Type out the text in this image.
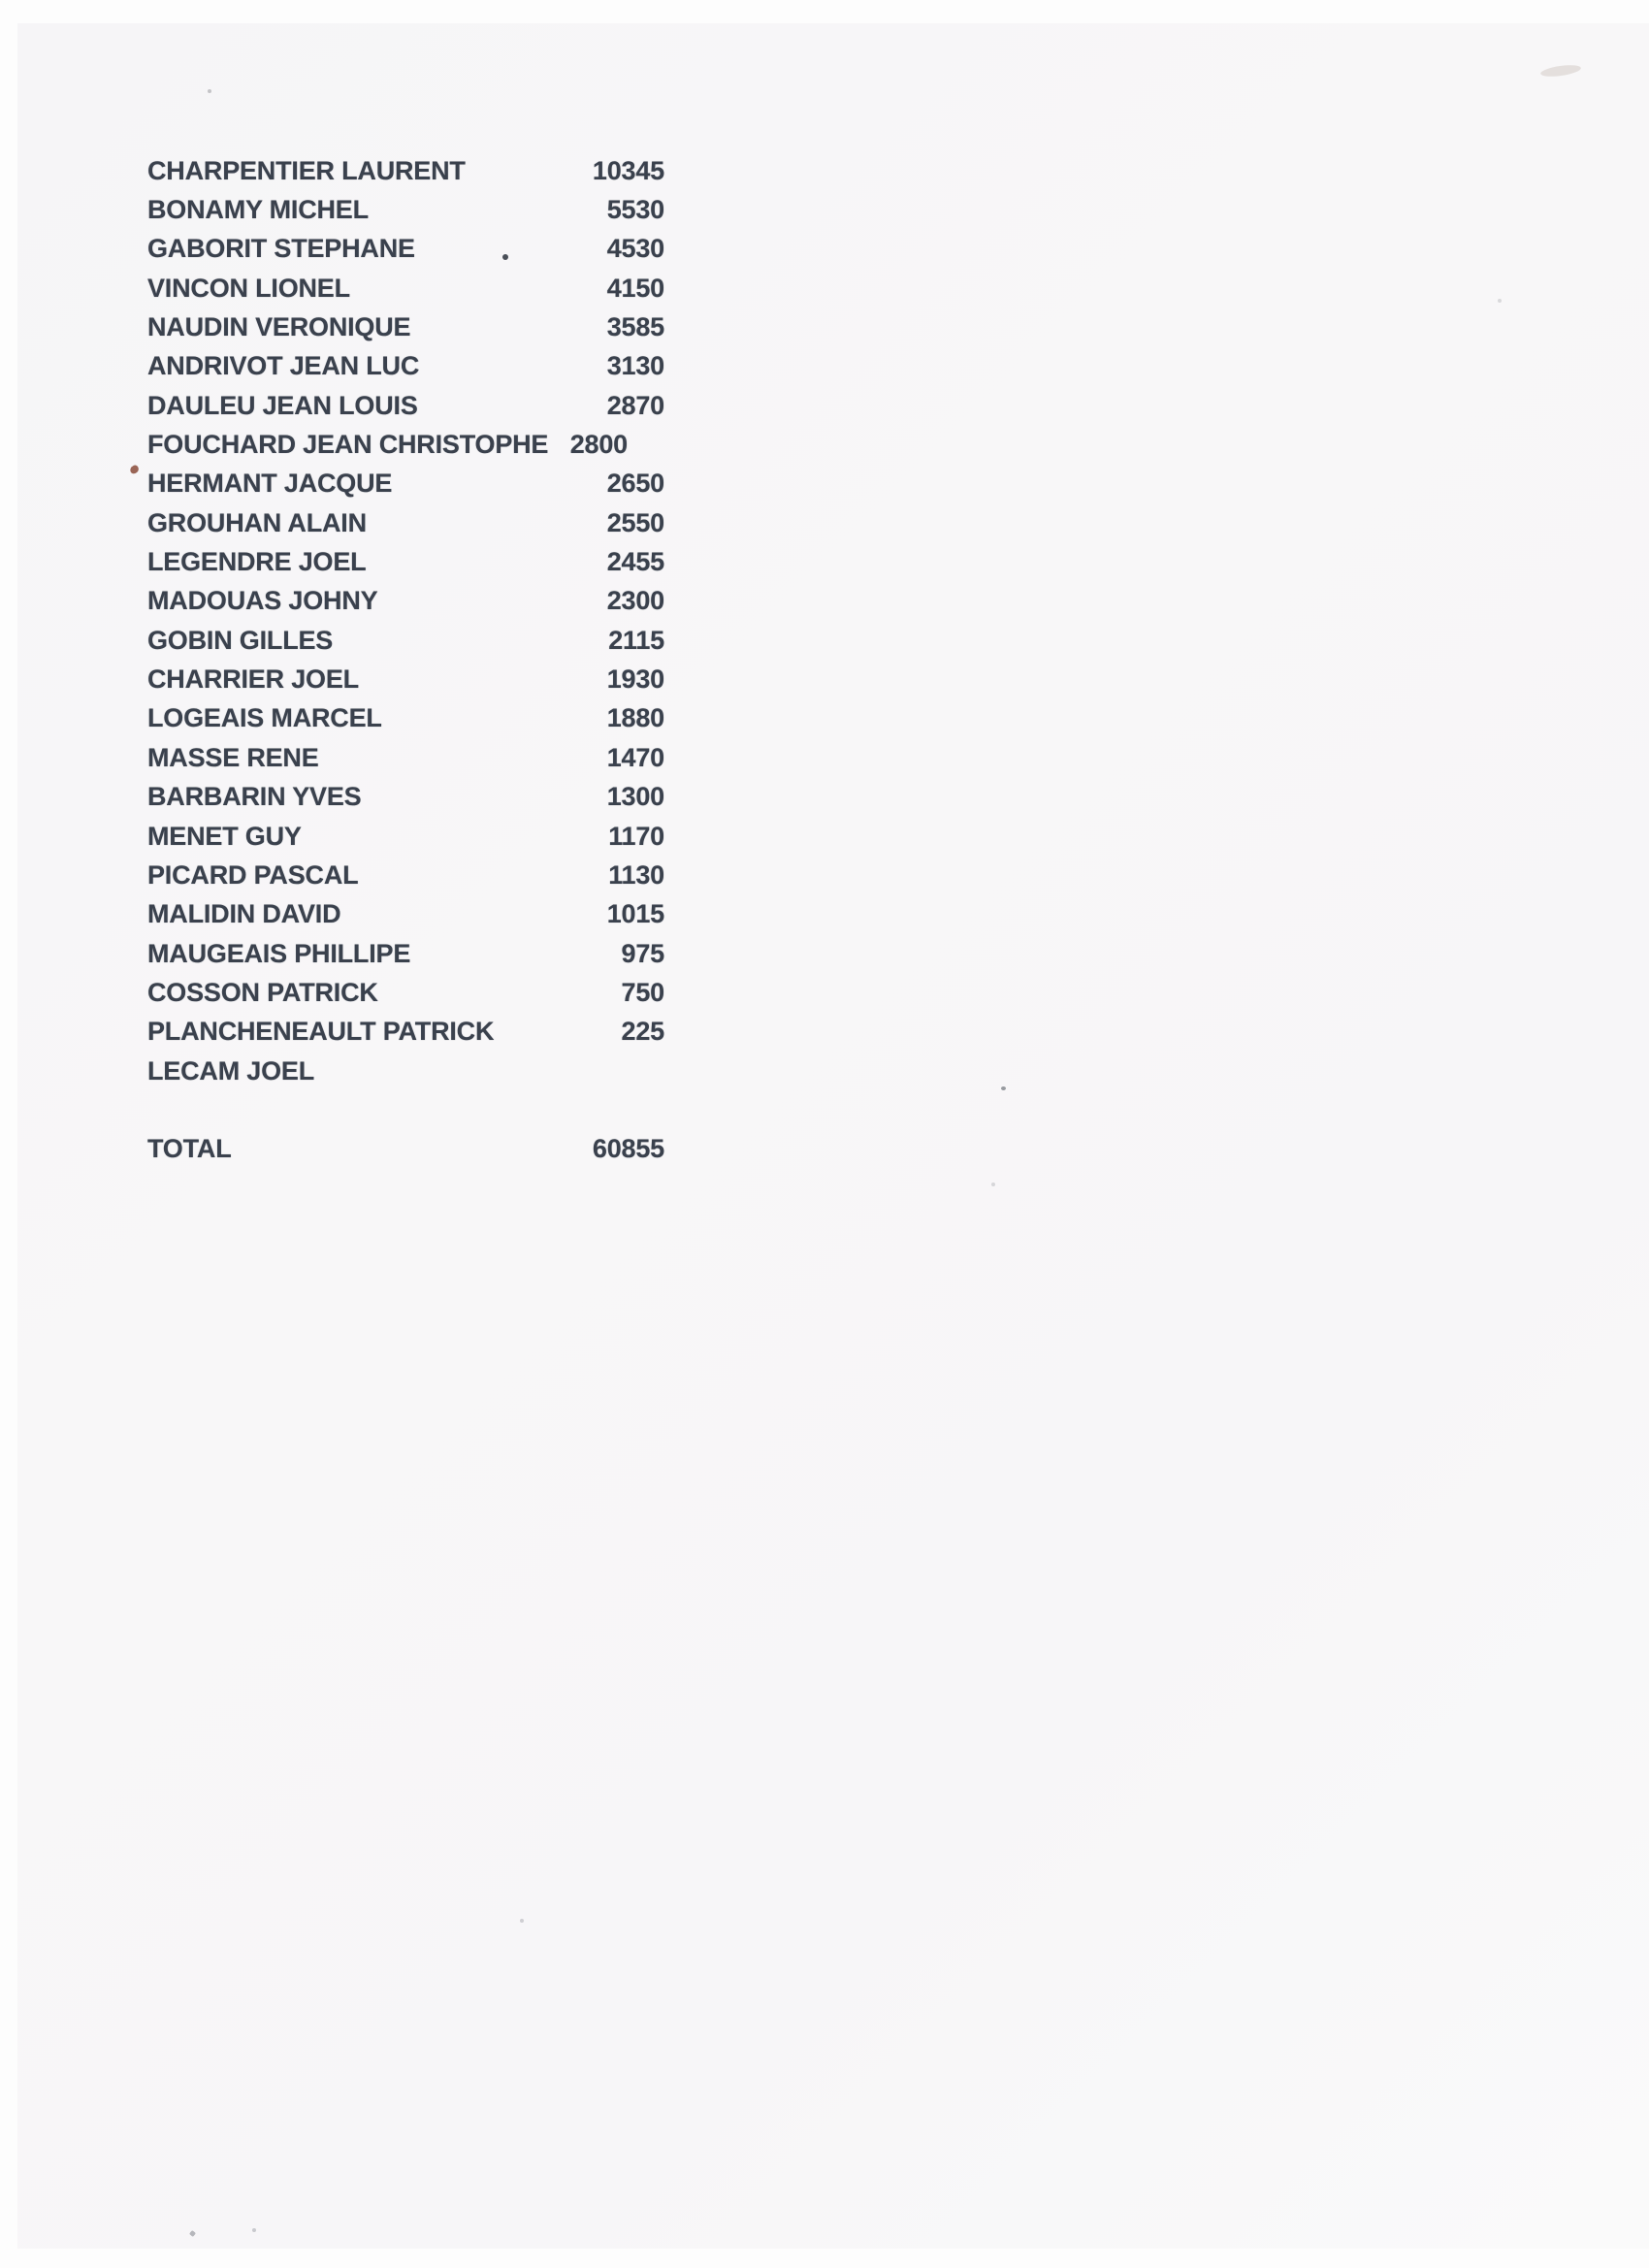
CHARPENTIER LAURENT	10345
BONAMY MICHEL	5530
GABORIT STEPHANE	4530
VINCON LIONEL	4150
NAUDIN VERONIQUE	3585
ANDRIVOT JEAN LUC	3130
DAULEU JEAN LOUIS	2870
FOUCHARD JEAN CHRISTOPHE 2800
HERMANT JACQUE	2650
GROUHAN ALAIN	2550
LEGENDRE JOEL	2455
MADOUAS JOHNY	2300
GOBIN GILLES	2115
CHARRIER JOEL	1930
LOGEAIS MARCEL	1880
MASSE RENE	1470
BARBARIN YVES	1300
MENET GUY	1170
PICARD PASCAL	1130
MALIDIN DAVID	1015
MAUGEAIS PHILLIPE	975
COSSON PATRICK	750
PLANCHENEAULT PATRICK	225
LECAM JOEL
TOTAL	60855
